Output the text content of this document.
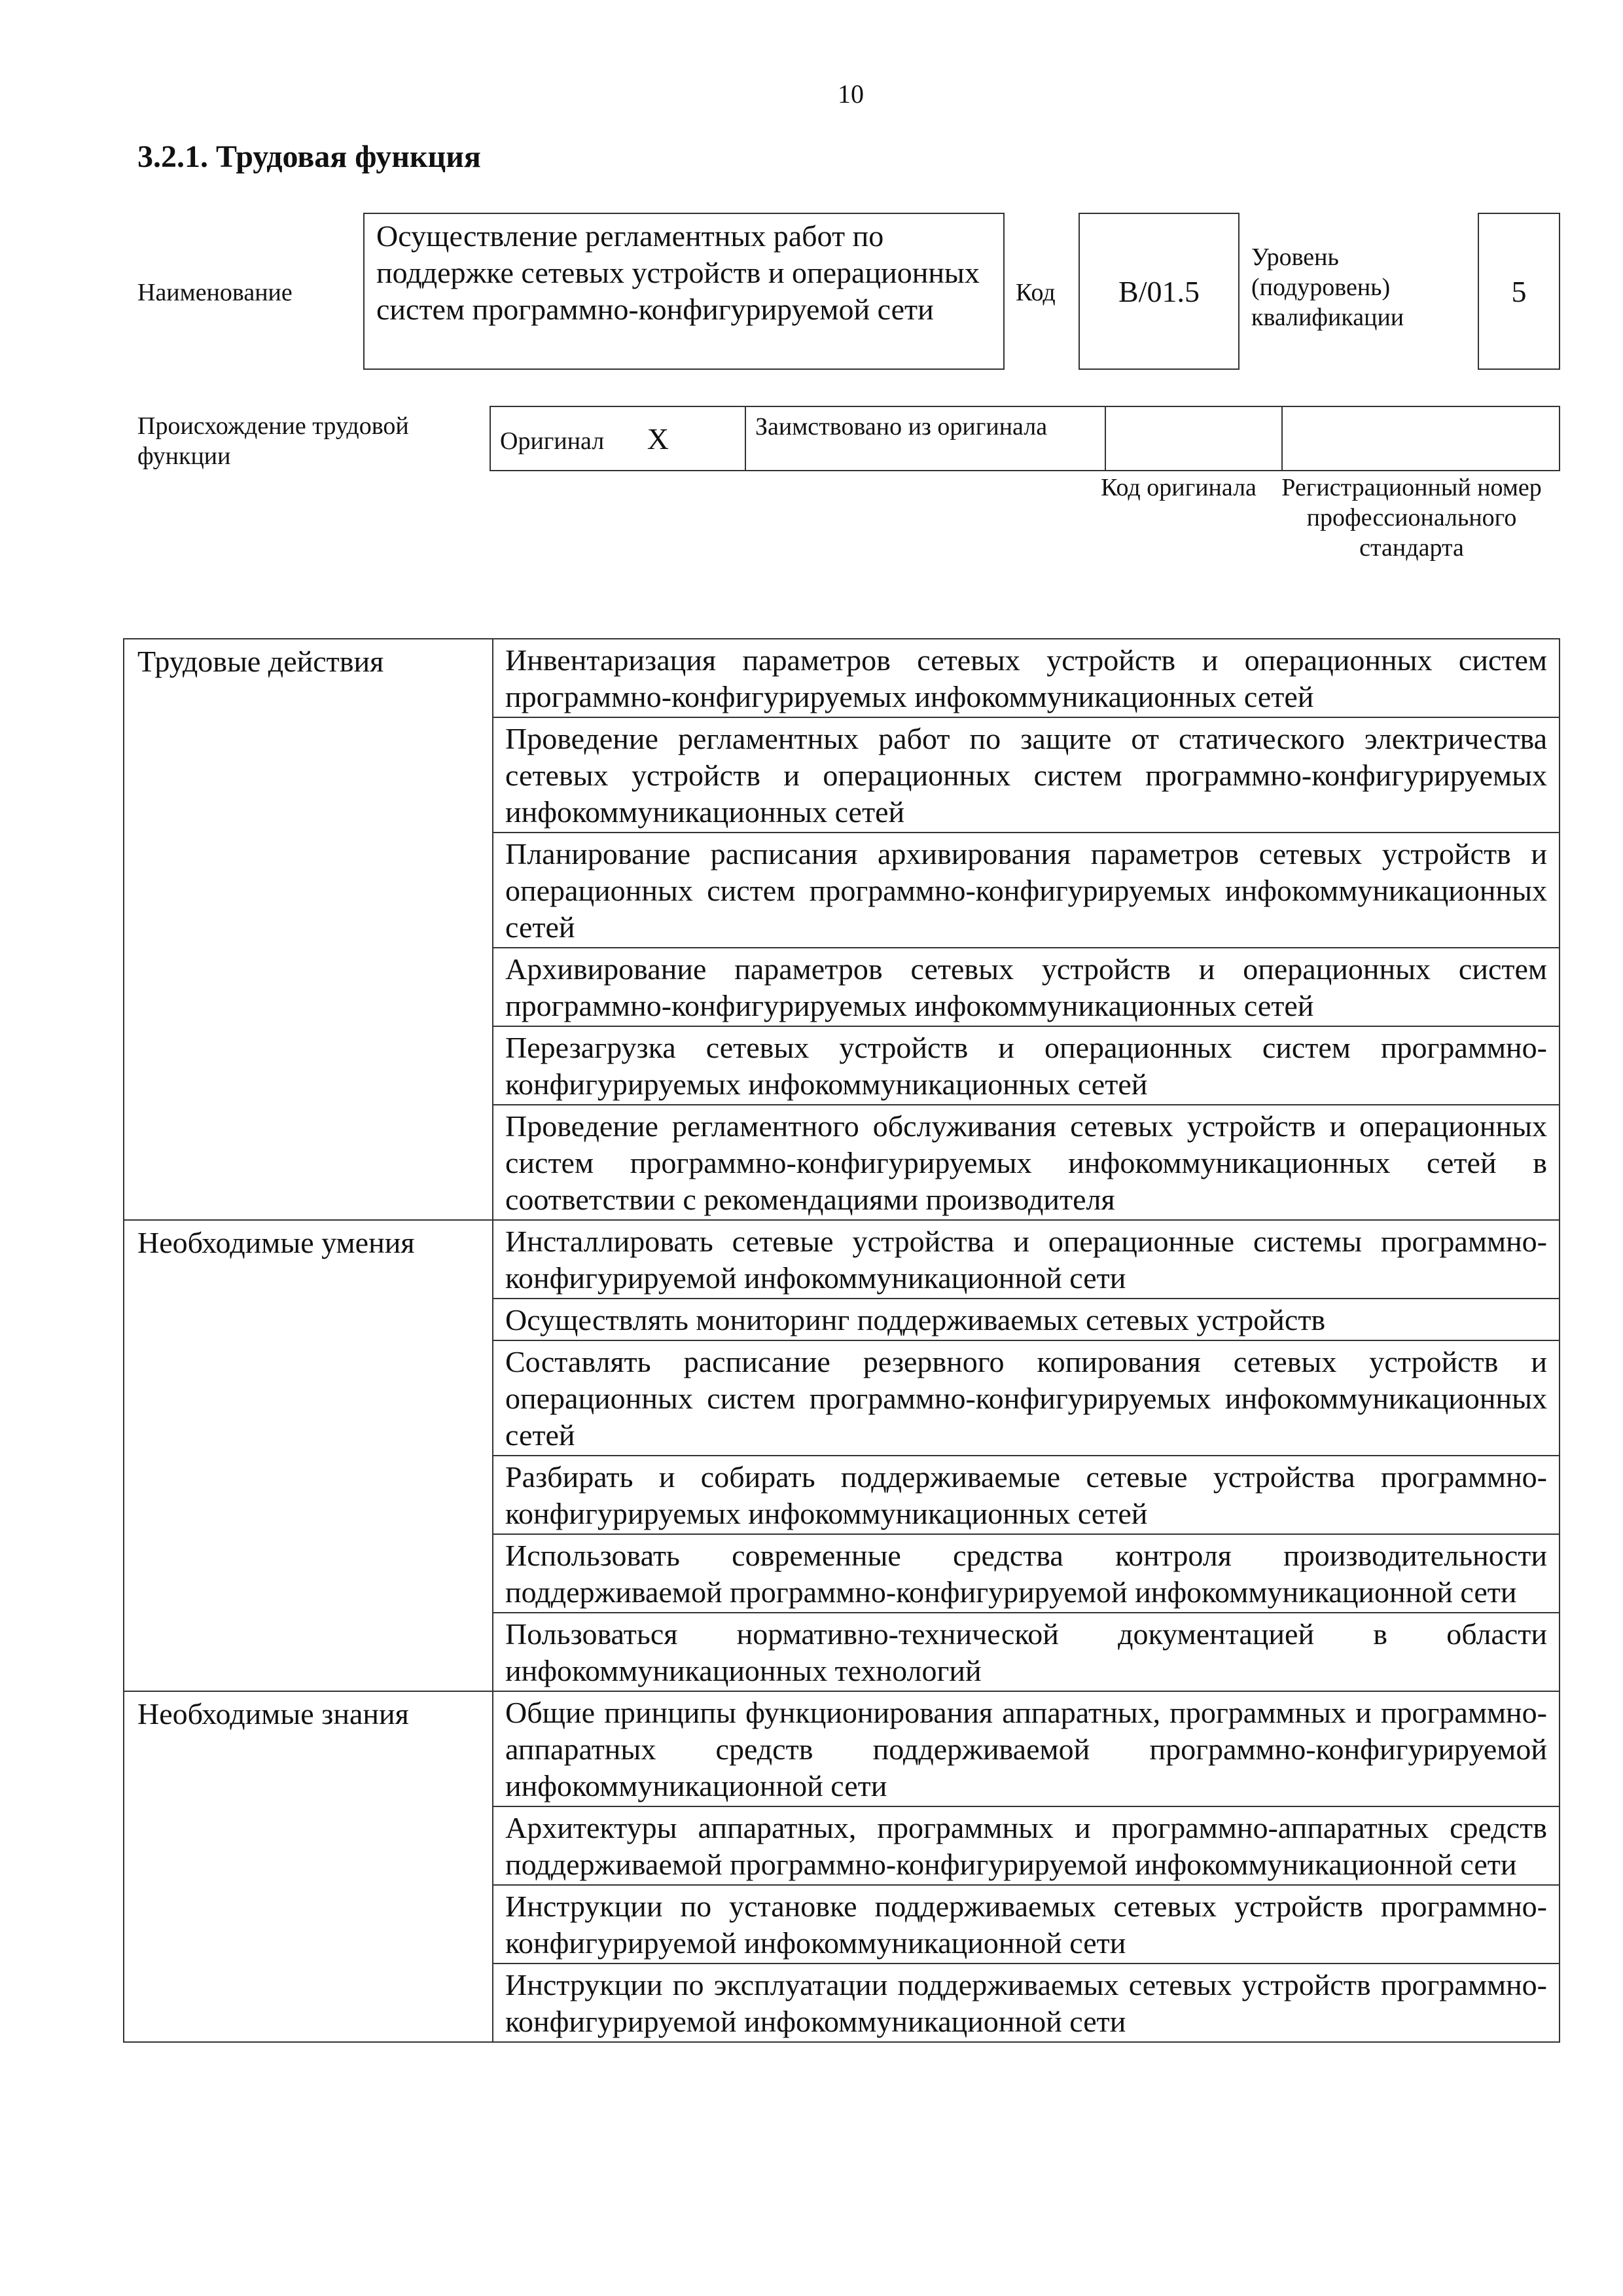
10
3.2.1. Трудовая функция
Наименование
Осуществление регламентных работ по поддержке сетевых устройств и операционных систем программно-конфигурируемой сети	Код	B/01.5
Уровень (подуровень) квалификации
5
Происхождение трудовой функции
Оригинал X	Заимствовано из оригинала		
Код оригинала	Регистрационный номер профессионального стандарта
Трудовые действия	Инвентаризация параметров сетевых устройств и операционных систем программно-конфигурируемых инфокоммуникационных сетей
	Проведение регламентных работ по защите от статического электричества сетевых устройств и операционных систем программно-конфигурируемых инфокоммуникационных сетей
	Планирование расписания архивирования параметров сетевых устройств и операционных систем программно-конфигурируемых инфокоммуникационных сетей
	Архивирование параметров сетевых устройств и операционных систем программно-конфигурируемых инфокоммуникационных сетей
	Перезагрузка сетевых устройств и операционных систем программно-конфигурируемых инфокоммуникационных сетей
	Проведение регламентного обслуживания сетевых устройств и операционных систем программно-конфигурируемых инфокоммуникационных сетей в соответствии с рекомендациями производителя
Необходимые умения	Инсталлировать сетевые устройства и операционные системы программно-конфигурируемой инфокоммуникационной сети
	Осуществлять мониторинг поддерживаемых сетевых устройств
	Составлять расписание резервного копирования сетевых устройств и операционных систем программно-конфигурируемых инфокоммуникационных сетей
	Разбирать и собирать поддерживаемые сетевые устройства программно-конфигурируемых инфокоммуникационных сетей
	Использовать современные средства контроля производительности поддерживаемой программно-конфигурируемой инфокоммуникационной сети
	Пользоваться нормативно-технической документацией в области инфокоммуникационных технологий
Необходимые знания	Общие принципы функционирования аппаратных, программных и программно-аппаратных средств поддерживаемой программно-конфигурируемой инфокоммуникационной сети
	Архитектуры аппаратных, программных и программно-аппаратных средств поддерживаемой программно-конфигурируемой инфокоммуникационной сети
	Инструкции по установке поддерживаемых сетевых устройств программно-конфигурируемой инфокоммуникационной сети
	Инструкции по эксплуатации поддерживаемых сетевых устройств программно-конфигурируемой инфокоммуникационной сети
